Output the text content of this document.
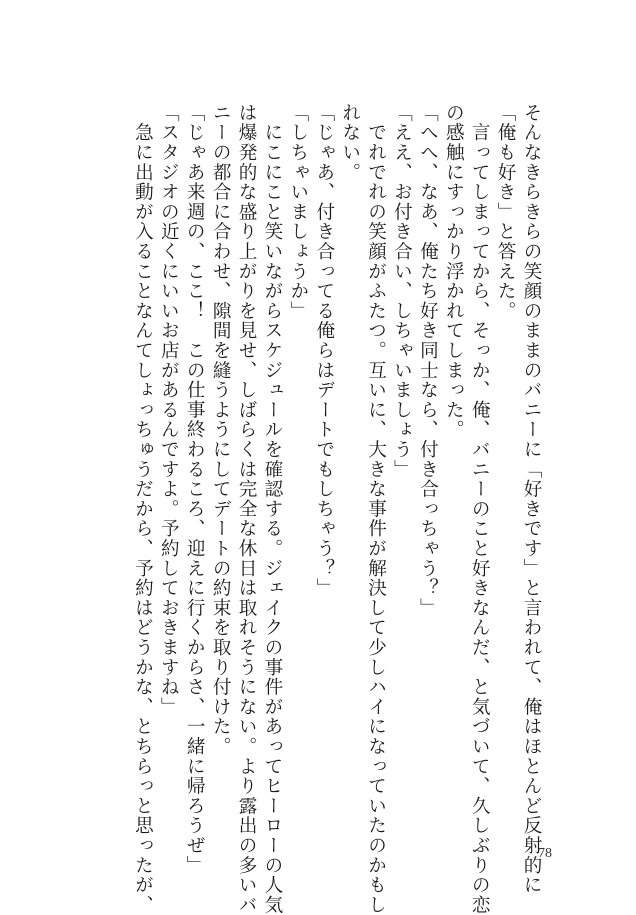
そんなきらきらの笑顔のままのバニーに「好きです」と言われて、俺はほとんど反射的に
「俺も好き」と答えた。
　言ってしまってから、そっか、俺、バニーのこと好きなんだ、と気づいて、久しぶりの恋
の感触にすっかり浮かれてしまった。
「へへ、なあ、俺たち好き同士なら、付き合っちゃう？」
「ええ、お付き合い、しちゃいましょう」
　でれでれの笑顔がふたつ。互いに、大きな事件が解決して少しハイになっていたのかもし
れない。
「じゃあ、付き合ってる俺らはデートでもしちゃう？」
「しちゃいましょうか」
　にこにこと笑いながらスケジュールを確認する。ジェイクの事件があってヒーローの人気
は爆発的な盛り上がりを見せ、しばらくは完全な休日は取れそうにない。より露出の多いバ
ニーの都合に合わせ、隙間を縫うようにしてデートの約束を取り付けた。
「じゃあ来週の、ここ！　この仕事終わるころ、迎えに行くからさ、一緒に帰ろうぜ」
「スタジオの近くにいいお店があるんですよ。予約しておきますね」
　急に出動が入ることなんてしょっちゅうだから、予約はどうかな、とちらっと思ったが、	78
